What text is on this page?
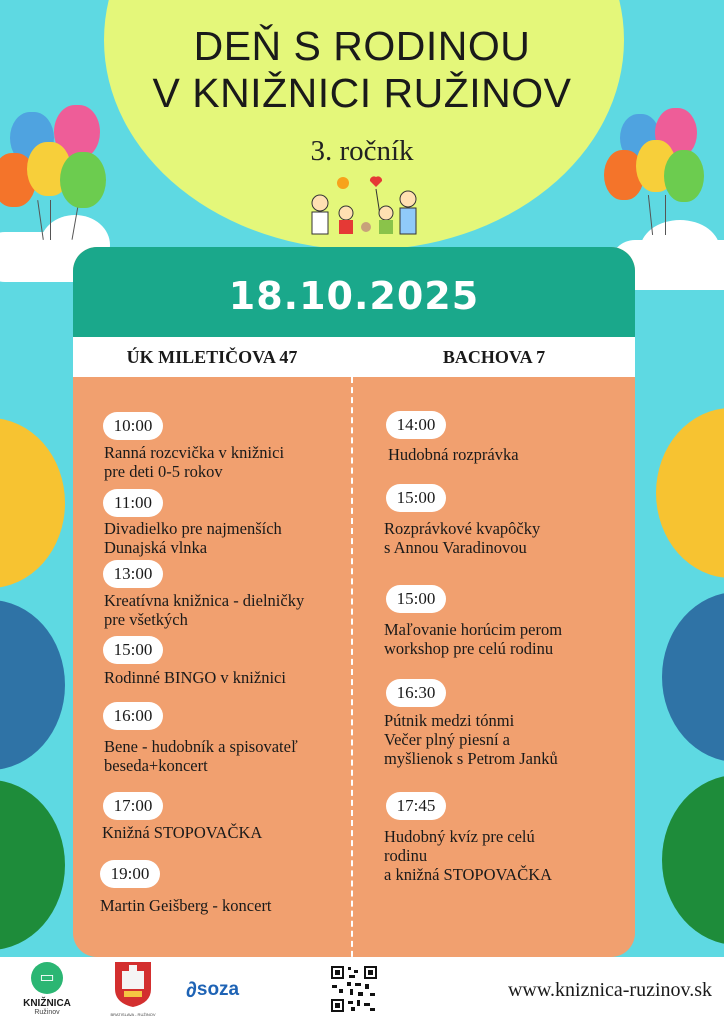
DEŇ S RODINOU
V KNIŽNICI RUŽINOV
3. ročník
18.10.2025
ÚK MILETIČOVA 47	BACHOVA 7
10:00
Ranná rozcvička v knižnici
pre deti 0-5 rokov
11:00
Divadielko pre najmenších
Dunajská vlnka
13:00
Kreatívna knižnica - dielničky
pre všetkých
15:00
Rodinné BINGO v knižnici
16:00
Bene - hudobník a spisovateľ
beseda+koncert
17:00
Knižná STOPOVAČKA
19:00
Martin Geišberg - koncert
14:00
Hudobná rozprávka
15:00
Rozprávkové kvapôčky
s Annou Varadinovou
15:00
Maľovanie horúcim perom
workshop pre celú rodinu
16:30
Pútnik medzi tónmi
Večer plný piesní a
myšlienok s Petrom Janků
17:45
Hudobný kvíz pre celú
rodinu
a knižná STOPOVAČKA
▭
KNIŽNICA
Ružinov	BRATISLAVA - RUŽINOV
∂ soza	www.kniznica-ruzinov.sk
